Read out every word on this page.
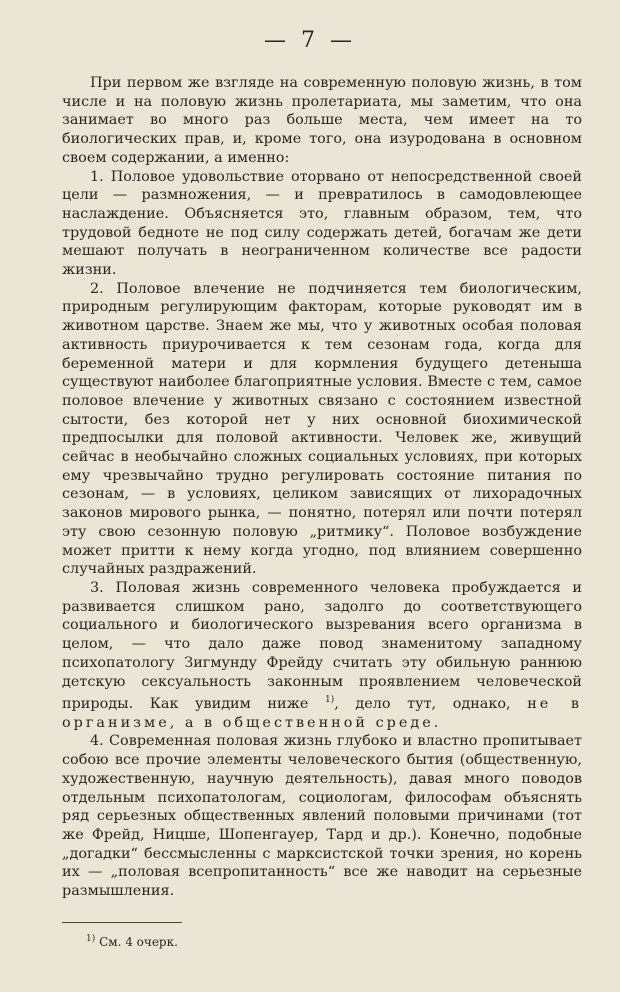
— 7 —

При первом же взгляде на современную половую жизнь, в том числе и на половую жизнь пролетариата, мы заметим, что она занимает во много раз больше места, чем имеет на то биологических прав, и, кроме того, она изуродована в основном своем содержании, а именно:

1. Половое удовольствие оторвано от непосредственной своей цели — размножения, — и превратилось в самодовлеющее наслаждение. Объясняется это, главным образом, тем, что трудовой бедноте не под силу содержать детей, богачам же дети мешают получать в неограниченном количестве все радости жизни.

2. Половое влечение не подчиняется тем биологическим, природным регулирующим факторам, которые руководят им в животном царстве. Знаем же мы, что у животных особая половая активность приурочивается к тем сезонам года, когда для беременной матери и для кормления будущего детеныша существуют наиболее благоприятные условия. Вместе с тем, самое половое влечение у животных связано с состоянием известной сытости, без которой нет у них основной биохимической предпосылки для половой активности. Человек же, живущий сейчас в необычайно сложных социальных условиях, при которых ему чрезвычайно трудно регулировать состояние питания по сезонам, — в условиях, целиком зависящих от лихорадочных законов мирового рынка, — понятно, потерял или почти потерял эту свою сезонную половую „ритмику“. Половое возбуждение может притти к нему когда угодно, под влиянием совершенно случайных раздражений.

3. Половая жизнь современного человека пробуждается и развивается слишком рано, задолго до соответствующего социального и биологического вызревания всего организма в целом, — что дало даже повод знаменитому западному психопатологу Зигмунду Фрейду считать эту обильную раннюю детскую сексуальность законным проявлением человеческой природы. Как увидим ниже $^{1)}$, дело тут, однако, не в организме, а в общественной среде.

4. Современная половая жизнь глубоко и властно пропитывает собою все прочие элементы человеческого бытия (общественную, художественную, научную деятельность), давая много поводов отдельным психопатологам, социологам, философам объяснять ряд серьезных общественных явлений половыми причинами (тот же Фрейд, Ницше, Шопенгауер, Тард и др.). Конечно, подобные „догадки“ бессмысленны с марксистской точки зрения, но корень их — „половая всепропитанность“ все же наводит на серьезные размышления.

$^{1)}$ См. 4 очерк.
